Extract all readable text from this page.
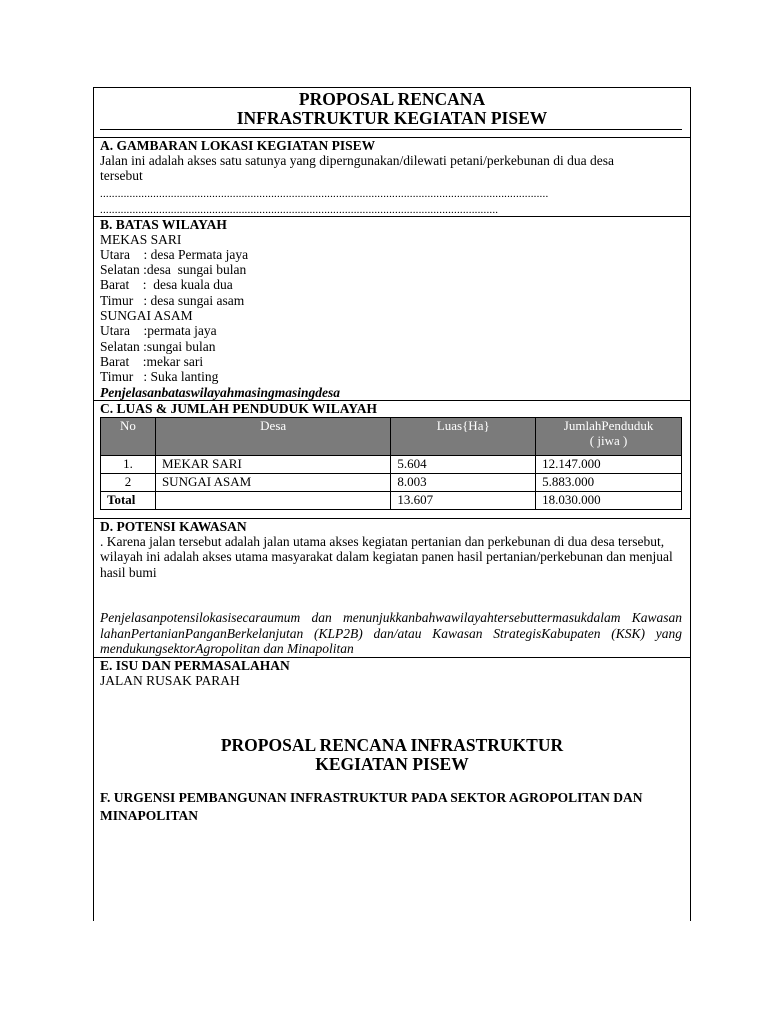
PROPOSAL RENCANA
INFRASTRUKTUR KEGIATAN PISEW
A. GAMBARAN LOKASI KEGIATAN PISEW
Jalan ini adalah akses satu satunya yang diperngunakan/dilewati petani/perkebunan di dua desa tersebut
........................................................................................................................................................
.......................................................................................................................................
B. BATAS WILAYAH
MEKAS SARI
Utara    : desa Permata jaya
Selatan :desa  sungai bulan
Barat    :  desa kuala dua
Timur   : desa sungai asam
SUNGAI ASAM
Utara    :permata jaya
Selatan :sungai bulan
Barat    :mekar sari
Timur   : Suka lanting
Penjelasanbataswilayahmasingmasingdesa
C. LUAS & JUMLAH PENDUDUK WILAYAH
No	Desa	Luas{Ha}	JumlahPenduduk
( jiwa )
1.	MEKAR SARI	5.604	12.147.000
2	SUNGAI ASAM	8.003	5.883.000
Total		13.607	18.030.000
D. POTENSI KAWASAN
. Karena jalan tersebut adalah jalan utama akses kegiatan pertanian dan perkebunan di dua desa tersebut, wilayah ini adalah akses utama masyarakat dalam kegiatan panen hasil pertanian/perkebunan dan menjual hasil bumi
Penjelasanpotensilokasisecaraumum dan menunjukkanbahwawilayahtersebuttermasukdalam Kawasan lahanPertanianPanganBerkelanjutan (KLP2B) dan/atau Kawasan StrategisKabupaten (KSK) yang mendukungsektorAgropolitan dan Minapolitan
E. ISU DAN PERMASALAHAN
JALAN RUSAK PARAH
PROPOSAL RENCANA INFRASTRUKTUR
KEGIATAN PISEW
F. URGENSI PEMBANGUNAN INFRASTRUKTUR PADA SEKTOR AGROPOLITAN DAN
MINAPOLITAN
